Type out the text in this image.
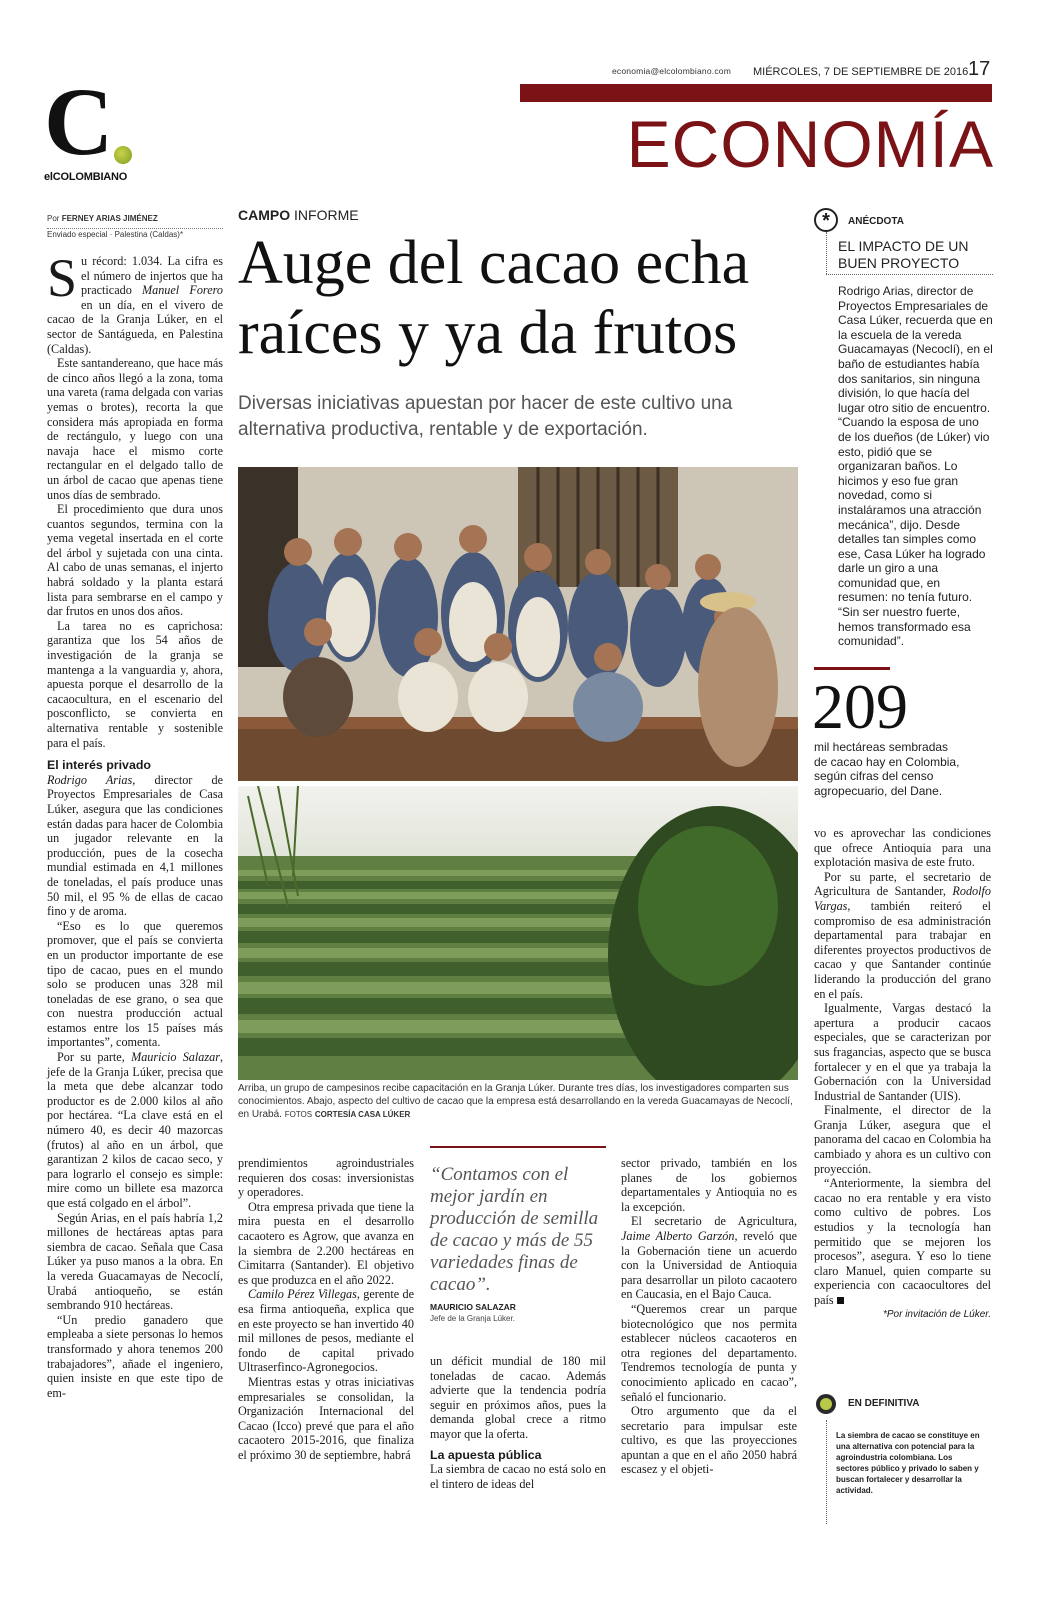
economia@elcolombiano.com MIÉRCOLES, 7 DE SEPTIEMBRE DE 2016 17
ECONOMÍA
C
elCOLOMBIANO
Por FERNEY ARIAS JIMÉNEZ
Enviado especial · Palestina (Caldas)*
CAMPO INFORME
Auge del cacao echa raíces y ya da frutos
Diversas iniciativas apuestan por hacer de este cultivo una alternativa productiva, rentable y de exportación.
Arriba, un grupo de campesinos recibe capacitación en la Granja Lúker. Durante tres días, los investigadores comparten sus conocimientos. Abajo, aspecto del cultivo de cacao que la empresa está desarrollando en la vereda Guacamayas de Necoclí, en Urabá. FOTOS CORTESÍA CASA LÚKER

Su récord: 1.034. La cifra es el número de injertos que ha practicado Manuel Forero en un día, en el vivero de cacao de la Granja Lúker, en el sector de Santágueda, en Palestina (Caldas).

Este santandereano, que hace más de cinco años llegó a la zona, toma una vareta (rama delgada con varias yemas o brotes), recorta la que considera más apropiada en forma de rectángulo, y luego con una navaja hace el mismo corte rectangular en el delgado tallo de un árbol de cacao que apenas tiene unos días de sembrado.

El procedimiento que dura unos cuantos segundos, termina con la yema vegetal insertada en el corte del árbol y sujetada con una cinta. Al cabo de unas semanas, el injerto habrá soldado y la planta estará lista para sembrarse en el campo y dar frutos en unos dos años.

La tarea no es caprichosa: garantiza que los 54 años de investigación de la granja se mantenga a la vanguardia y, ahora, apuesta porque el desarrollo de la cacaocultura, en el escenario del posconflicto, se convierta en alternativa rentable y sostenible para el país.

El interés privado

Rodrigo Arias, director de Proyectos Empresariales de Casa Lúker, asegura que las condiciones están dadas para hacer de Colombia un jugador relevante en la producción, pues de la cosecha mundial estimada en 4,1 millones de toneladas, el país produce unas 50 mil, el 95 % de ellas de cacao fino y de aroma.

“Eso es lo que queremos promover, que el país se convierta en un productor importante de ese tipo de cacao, pues en el mundo solo se producen unas 328 mil toneladas de ese grano, o sea que con nuestra producción actual estamos entre los 15 países más importantes”, comenta.

Por su parte, Mauricio Salazar, jefe de la Granja Lúker, precisa que la meta que debe alcanzar todo productor es de 2.000 kilos al año por hectárea. “La clave está en el número 40, es decir 40 mazorcas (frutos) al año en un árbol, que garantizan 2 kilos de cacao seco, y para lograrlo el consejo es simple: mire como un billete esa mazorca que está colgado en el árbol”.

Según Arias, en el país habría 1,2 millones de hectáreas aptas para siembra de cacao. Señala que Casa Lúker ya puso manos a la obra. En la vereda Guacamayas de Necoclí, Urabá antioqueño, se están sembrando 910 hectáreas.

“Un predio ganadero que empleaba a siete personas lo hemos transformado y ahora tenemos 200 trabajadores”, añade el ingeniero, quien insiste en que este tipo de em-

prendimientos agroindustriales requieren dos cosas: inversionistas y operadores.

Otra empresa privada que tiene la mira puesta en el desarrollo cacaotero es Agrow, que avanza en la siembra de 2.200 hectáreas en Cimitarra (Santander). El objetivo es que produzca en el año 2022.

Camilo Pérez Villegas, gerente de esa firma antioqueña, explica que en este proyecto se han invertido 40 mil millones de pesos, mediante el fondo de capital privado Ultraserfinco-Agronegocios.

Mientras estas y otras iniciativas empresariales se consolidan, la Organización Internacional del Cacao (Icco) prevé que para el año cacaotero 2015-2016, que finaliza el próximo 30 de septiembre, habrá

“Contamos con el mejor jardín en producción de semilla de cacao y más de 55 variedades finas de cacao”.
MAURICIO SALAZAR
Jefe de la Granja Lúker.

un déficit mundial de 180 mil toneladas de cacao. Además advierte que la tendencia podría seguir en próximos años, pues la demanda global crece a ritmo mayor que la oferta.

La apuesta pública

La siembra de cacao no está solo en el tintero de ideas del

sector privado, también en los planes de los gobiernos departamentales y Antioquia no es la excepción.

El secretario de Agricultura, Jaime Alberto Garzón, reveló que la Gobernación tiene un acuerdo con la Universidad de Antioquia para desarrollar un piloto cacaotero en Caucasia, en el Bajo Cauca.

“Queremos crear un parque biotecnológico que nos permita establecer núcleos cacaoteros en otra regiones del departamento. Tendremos tecnología de punta y conocimiento aplicado en cacao”, señaló el funcionario.

Otro argumento que da el secretario para impulsar este cultivo, es que las proyecciones apuntan a que en el año 2050 habrá escasez y el objeti-

vo es aprovechar las condiciones que ofrece Antioquia para una explotación masiva de este fruto.

Por su parte, el secretario de Agricultura de Santander, Rodolfo Vargas, también reiteró el compromiso de esa administración departamental para trabajar en diferentes proyectos productivos de cacao y que Santander continúe liderando la producción del grano en el país.

Igualmente, Vargas destacó la apertura a producir cacaos especiales, que se caracterizan por sus fragancias, aspecto que se busca fortalecer y en el que ya trabaja la Gobernación con la Universidad Industrial de Santander (UIS).

Finalmente, el director de la Granja Lúker, asegura que el panorama del cacao en Colombia ha cambiado y ahora es un cultivo con proyección.

“Anteriormente, la siembra del cacao no era rentable y era visto como cultivo de pobres. Los estudios y la tecnología han permitido que se mejoren los procesos”, asegura. Y eso lo tiene claro Manuel, quien comparte su experiencia con cacaocultores del país

*Por invitación de Lúker.

*	ANÉCDOTA
EL IMPACTO DE UN BUEN PROYECTO
Rodrigo Arias, director de Proyectos Empresariales de Casa Lúker, recuerda que en la escuela de la vereda Guacamayas (Necoclí), en el baño de estudiantes había dos sanitarios, sin ninguna división, lo que hacía del lugar otro sitio de encuentro. “Cuando la esposa de uno de los dueños (de Lúker) vio esto, pidió que se organizaran baños. Lo hicimos y eso fue gran novedad, como si instaláramos una atracción mecánica”, dijo. Desde detalles tan simples como ese, Casa Lúker ha logrado darle un giro a una comunidad que, en resumen: no tenía futuro. “Sin ser nuestro fuerte, hemos transformado esa comunidad”.
209
mil hectáreas sembradas de cacao hay en Colombia, según cifras del censo agropecuario, del Dane.
EN DEFINITIVA
La siembra de cacao se constituye en una alternativa con potencial para la agroindustria colombiana. Los sectores público y privado lo saben y buscan fortalecer y desarrollar la actividad.
